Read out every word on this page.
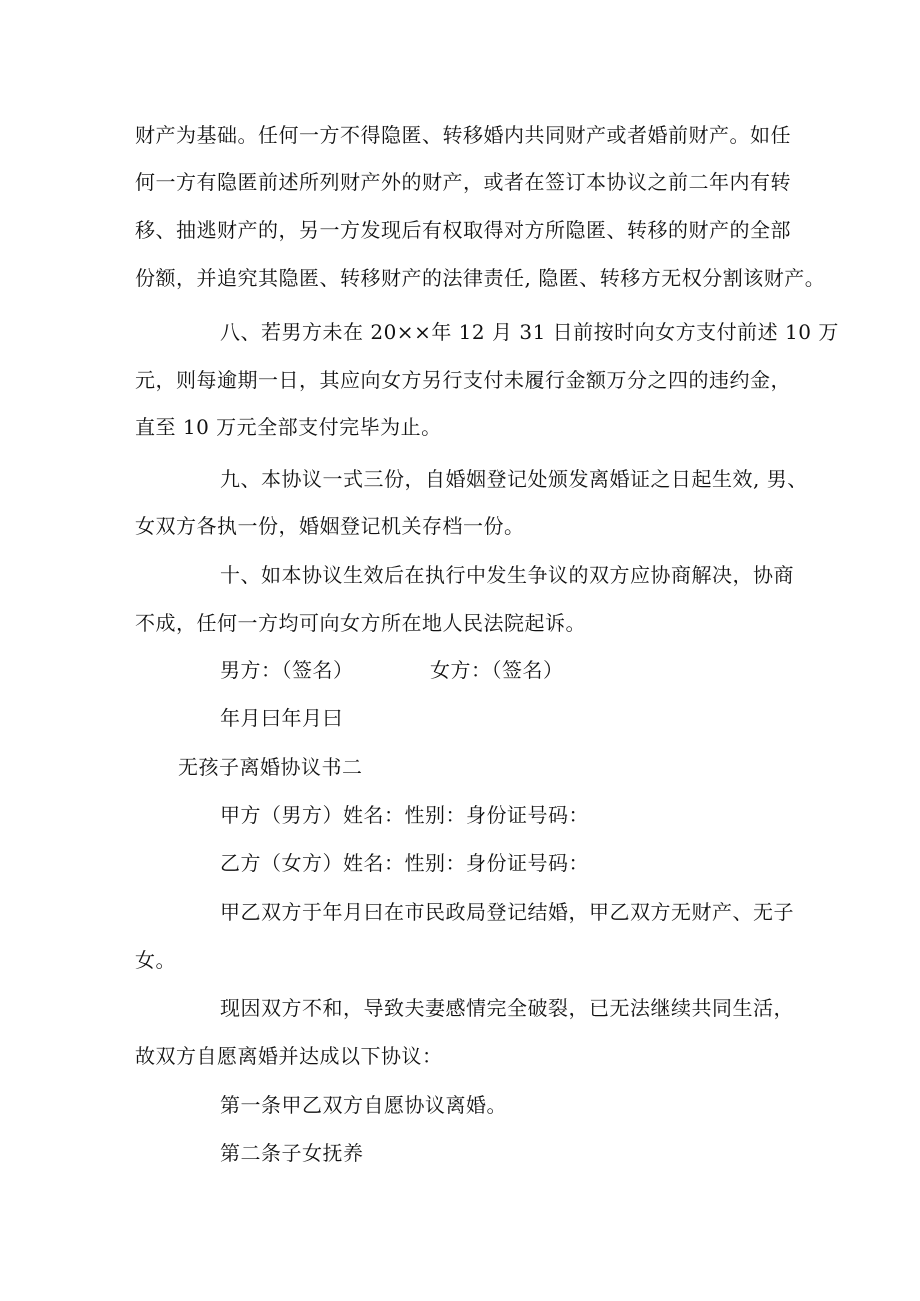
财产为基础。任何一方不得隐匿、转移婚内共同财产或者婚前财产。如任
何一方有隐匿前述所列财产外的财产，或者在签订本协议之前二年内有转
移、抽逃财产的，另一方发现后有权取得对方所隐匿、转移的财产的全部
份额，并追究其隐匿、转移财产的法律责任, 隐匿、转移方无权分割该财产。
八、若男方未在 20××年 12 月 31 日前按时向女方支付前述 10 万
元，则每逾期一日，其应向女方另行支付未履行金额万分之四的违约金，
直至 10 万元全部支付完毕为止。
九、本协议一式三份，自婚姻登记处颁发离婚证之日起生效, 男、
女双方各执一份，婚姻登记机关存档一份。
十、如本协议生效后在执行中发生争议的双方应协商解决，协商
不成，任何一方均可向女方所在地人民法院起诉。
男方：（签名）	女方：（签名）
年月曰年月曰
无孩子离婚协议书二
甲方（男方）姓名：性别：身份证号码：
乙方（女方）姓名：性别：身份证号码：
甲乙双方于年月曰在市民政局登记结婚，甲乙双方无财产、无子
女。
现因双方不和，导致夫妻感情完全破裂，已无法继续共同生活，
故双方自愿离婚并达成以下协议：
第一条甲乙双方自愿协议离婚。
第二条子女抚养
